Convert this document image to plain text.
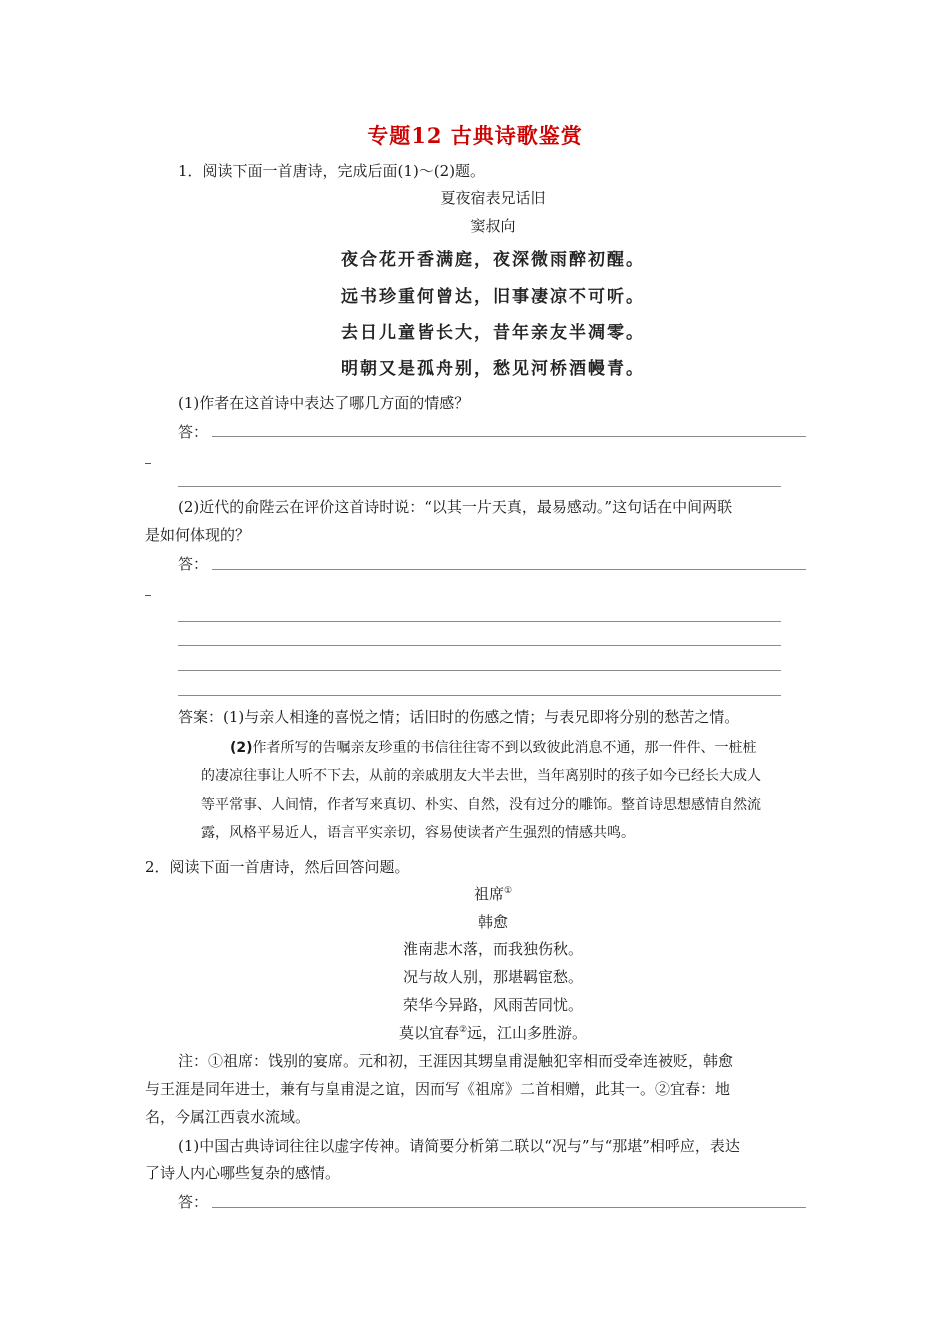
专题12 古典诗歌鉴赏
1．阅读下面一首唐诗，完成后面(1)～(2)题。
夏夜宿表兄话旧
窦叔向
夜合花开香满庭，夜深微雨醉初醒。
远书珍重何曾达，旧事凄凉不可听。
去日儿童皆长大，昔年亲友半凋零。
明朝又是孤舟别，愁见河桥酒幔青。
(1)作者在这首诗中表达了哪几方面的情感？
答：
(2)近代的俞陛云在评价这首诗时说：“以其一片天真，最易感动。”这句话在中间两联
是如何体现的？
答：
答案：(1)与亲人相逢的喜悦之情；话旧时的伤感之情；与表兄即将分别的愁苦之情。
(2)作者所写的告嘱亲友珍重的书信往往寄不到以致彼此消息不通，那一件件、一桩桩
的凄凉往事让人听不下去，从前的亲戚朋友大半去世，当年离别时的孩子如今已经长大成人
等平常事、人间情，作者写来真切、朴实、自然，没有过分的雕饰。整首诗思想感情自然流
露，风格平易近人，语言平实亲切，容易使读者产生强烈的情感共鸣。
2．阅读下面一首唐诗，然后回答问题。
祖席①
韩愈
淮南悲木落，而我独伤秋。
况与故人别，那堪羁宦愁。
荣华今异路，风雨苦同忧。
莫以宜春②远，江山多胜游。
注：①祖席：饯别的宴席。元和初，王涯因其甥皇甫湜触犯宰相而受牵连被贬，韩愈
与王涯是同年进士，兼有与皇甫湜之谊，因而写《祖席》二首相赠，此其一。②宜春：地
名，今属江西袁水流域。
(1)中国古典诗词往往以虚字传神。请简要分析第二联以“况与”与“那堪”相呼应，表达
了诗人内心哪些复杂的感情。
答：
